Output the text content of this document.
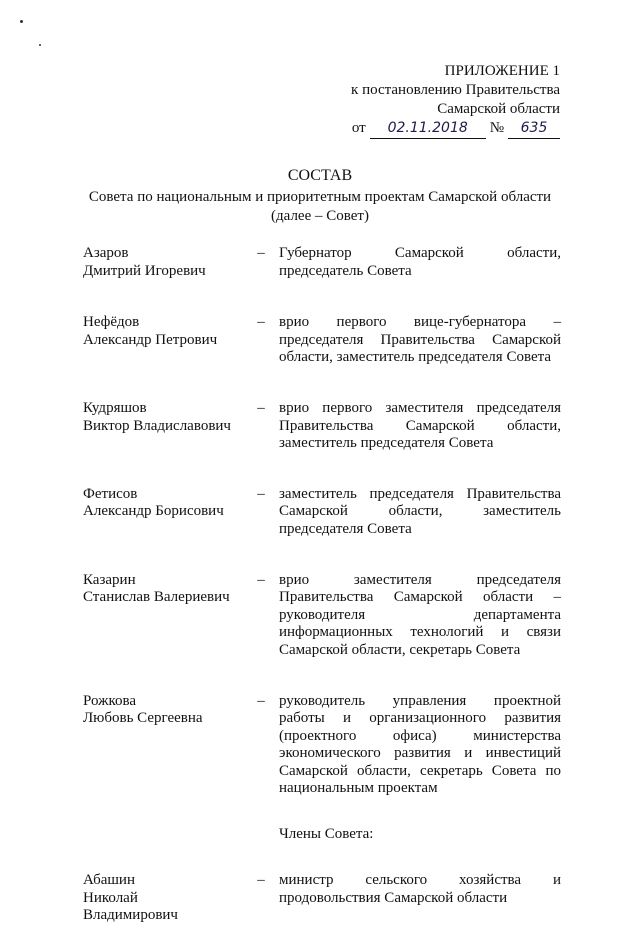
ПРИЛОЖЕНИЕ 1
к постановлению Правительства
Самарской области
от	02.11.2018	№	635
СОСТАВ
Совета по национальным и приоритетным проектам Самарской области
(далее – Совет)
Азаров
Дмитрий Игоревич
– Губернатор Самарской области, председатель Совета
Нефёдов
Александр Петрович
– врио первого вице-губернатора – председателя Правительства Самарской области, заместитель председателя Совета
Кудряшов
Виктор Владиславович
– врио первого заместителя председателя Правительства Самарской области, заместитель председателя Совета
Фетисов
Александр Борисович
– заместитель председателя Правительства Самарской области, заместитель председателя Совета
Казарин
Станислав Валериевич
– врио заместителя председателя Правительства Самарской области – руководителя департамента информационных технологий и связи Самарской области, секретарь Совета
Рожкова
Любовь Сергеевна
– руководитель управления проектной работы и организационного развития (проектного офиса) министерства экономического развития и инвестиций Самарской области, секретарь Совета по национальным проектам
Члены Совета:
Абашин
Николай
Владимирович
– министр сельского хозяйства и продовольствия Самарской области
